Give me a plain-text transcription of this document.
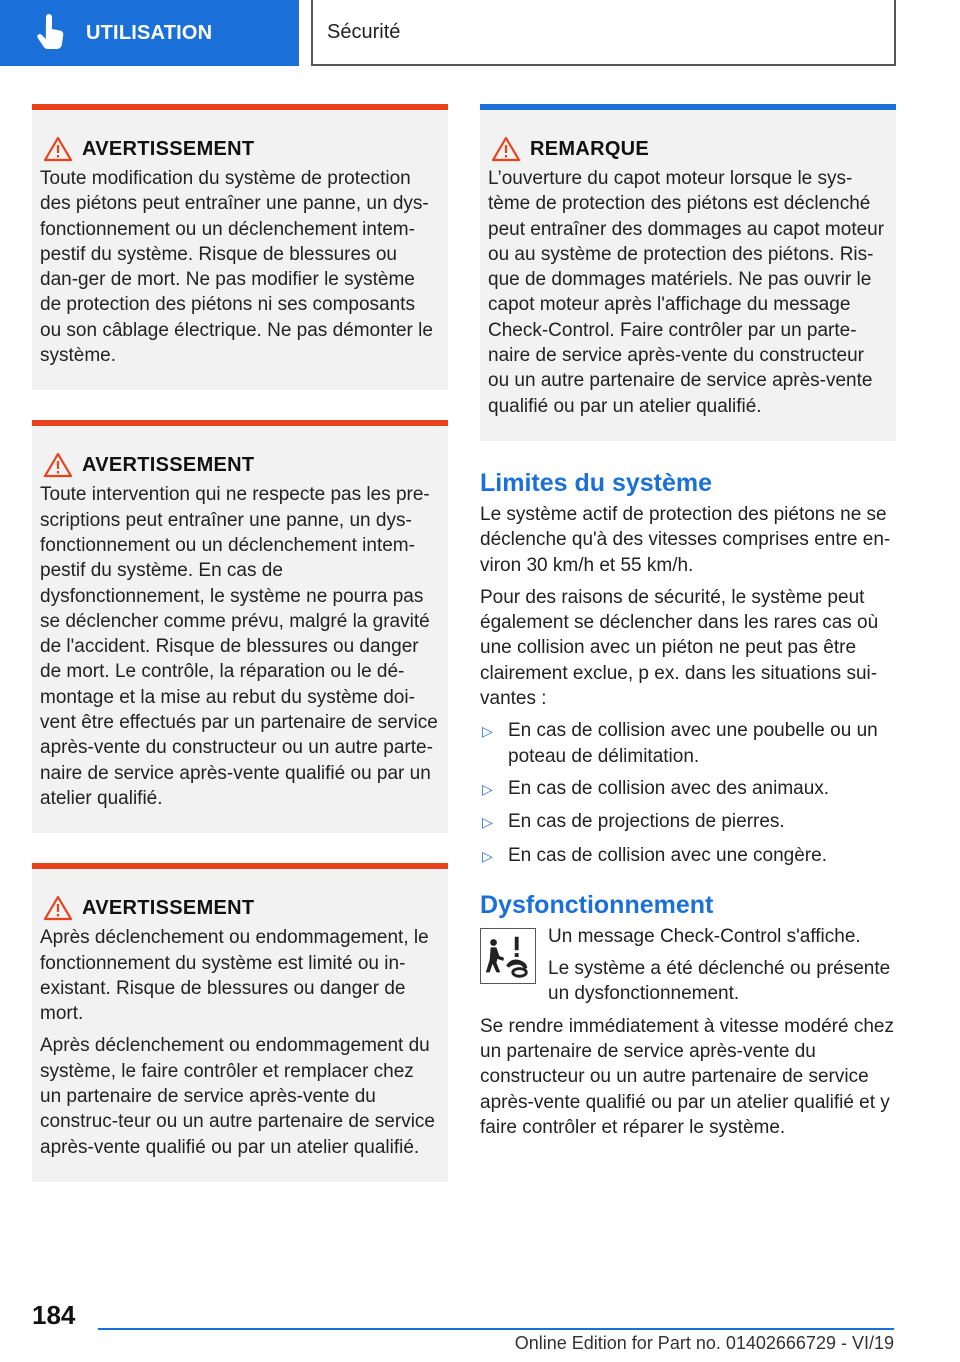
UTILISATION	Sécurité
AVERTISSEMENT

Toute modification du système de protection des piétons peut entraîner une panne, un dys-fonctionnement ou un déclenchement intem-pestif du système. Risque de blessures ou dan-ger de mort. Ne pas modifier le système de protection des piétons ni ses composants ou son câblage électrique. Ne pas démonter le système.

AVERTISSEMENT

Toute intervention qui ne respecte pas les pre-scriptions peut entraîner une panne, un dys-fonctionnement ou un déclenchement intem-pestif du système. En cas de dysfonctionnement, le système ne pourra pas se déclencher comme prévu, malgré la gravité de l'accident. Risque de blessures ou danger de mort. Le contrôle, la réparation ou le dé-montage et la mise au rebut du système doi-vent être effectués par un partenaire de service après-vente du constructeur ou un autre parte-naire de service après-vente qualifié ou par un atelier qualifié.

AVERTISSEMENT

Après déclenchement ou endommagement, le fonctionnement du système est limité ou in-existant. Risque de blessures ou danger de mort.

Après déclenchement ou endommagement du système, le faire contrôler et remplacer chez un partenaire de service après-vente du construc-teur ou un autre partenaire de service après-vente qualifié ou par un atelier qualifié.

REMARQUE

L’ouverture du capot moteur lorsque le sys-tème de protection des piétons est déclenché peut entraîner des dommages au capot moteur ou au système de protection des piétons. Ris-que de dommages matériels. Ne pas ouvrir le capot moteur après l'affichage du message Check-Control. Faire contrôler par un parte-naire de service après-vente du constructeur ou un autre partenaire de service après-vente qualifié ou par un atelier qualifié.

Limites du système

Le système actif de protection des piétons ne se déclenche qu'à des vitesses comprises entre en-viron 30 km/h et 55 km/h.

Pour des raisons de sécurité, le système peut également se déclencher dans les rares cas où une collision avec un piéton ne peut pas être clairement exclue, p ex. dans les situations sui-vantes :

▷ En cas de collision avec une poubelle ou un poteau de délimitation.
▷ En cas de collision avec des animaux.
▷ En cas de projections de pierres.
▷ En cas de collision avec une congère.
Dysfonctionnement

Un message Check-Control s'affiche.

Le système a été déclenché ou présente un dysfonctionnement.

Se rendre immédiatement à vitesse modéré chez un partenaire de service après-vente du constructeur ou un autre partenaire de service après-vente qualifié ou par un atelier qualifié et y faire contrôler et réparer le système.

184
Online Edition for Part no. 01402666729 - VI/19
